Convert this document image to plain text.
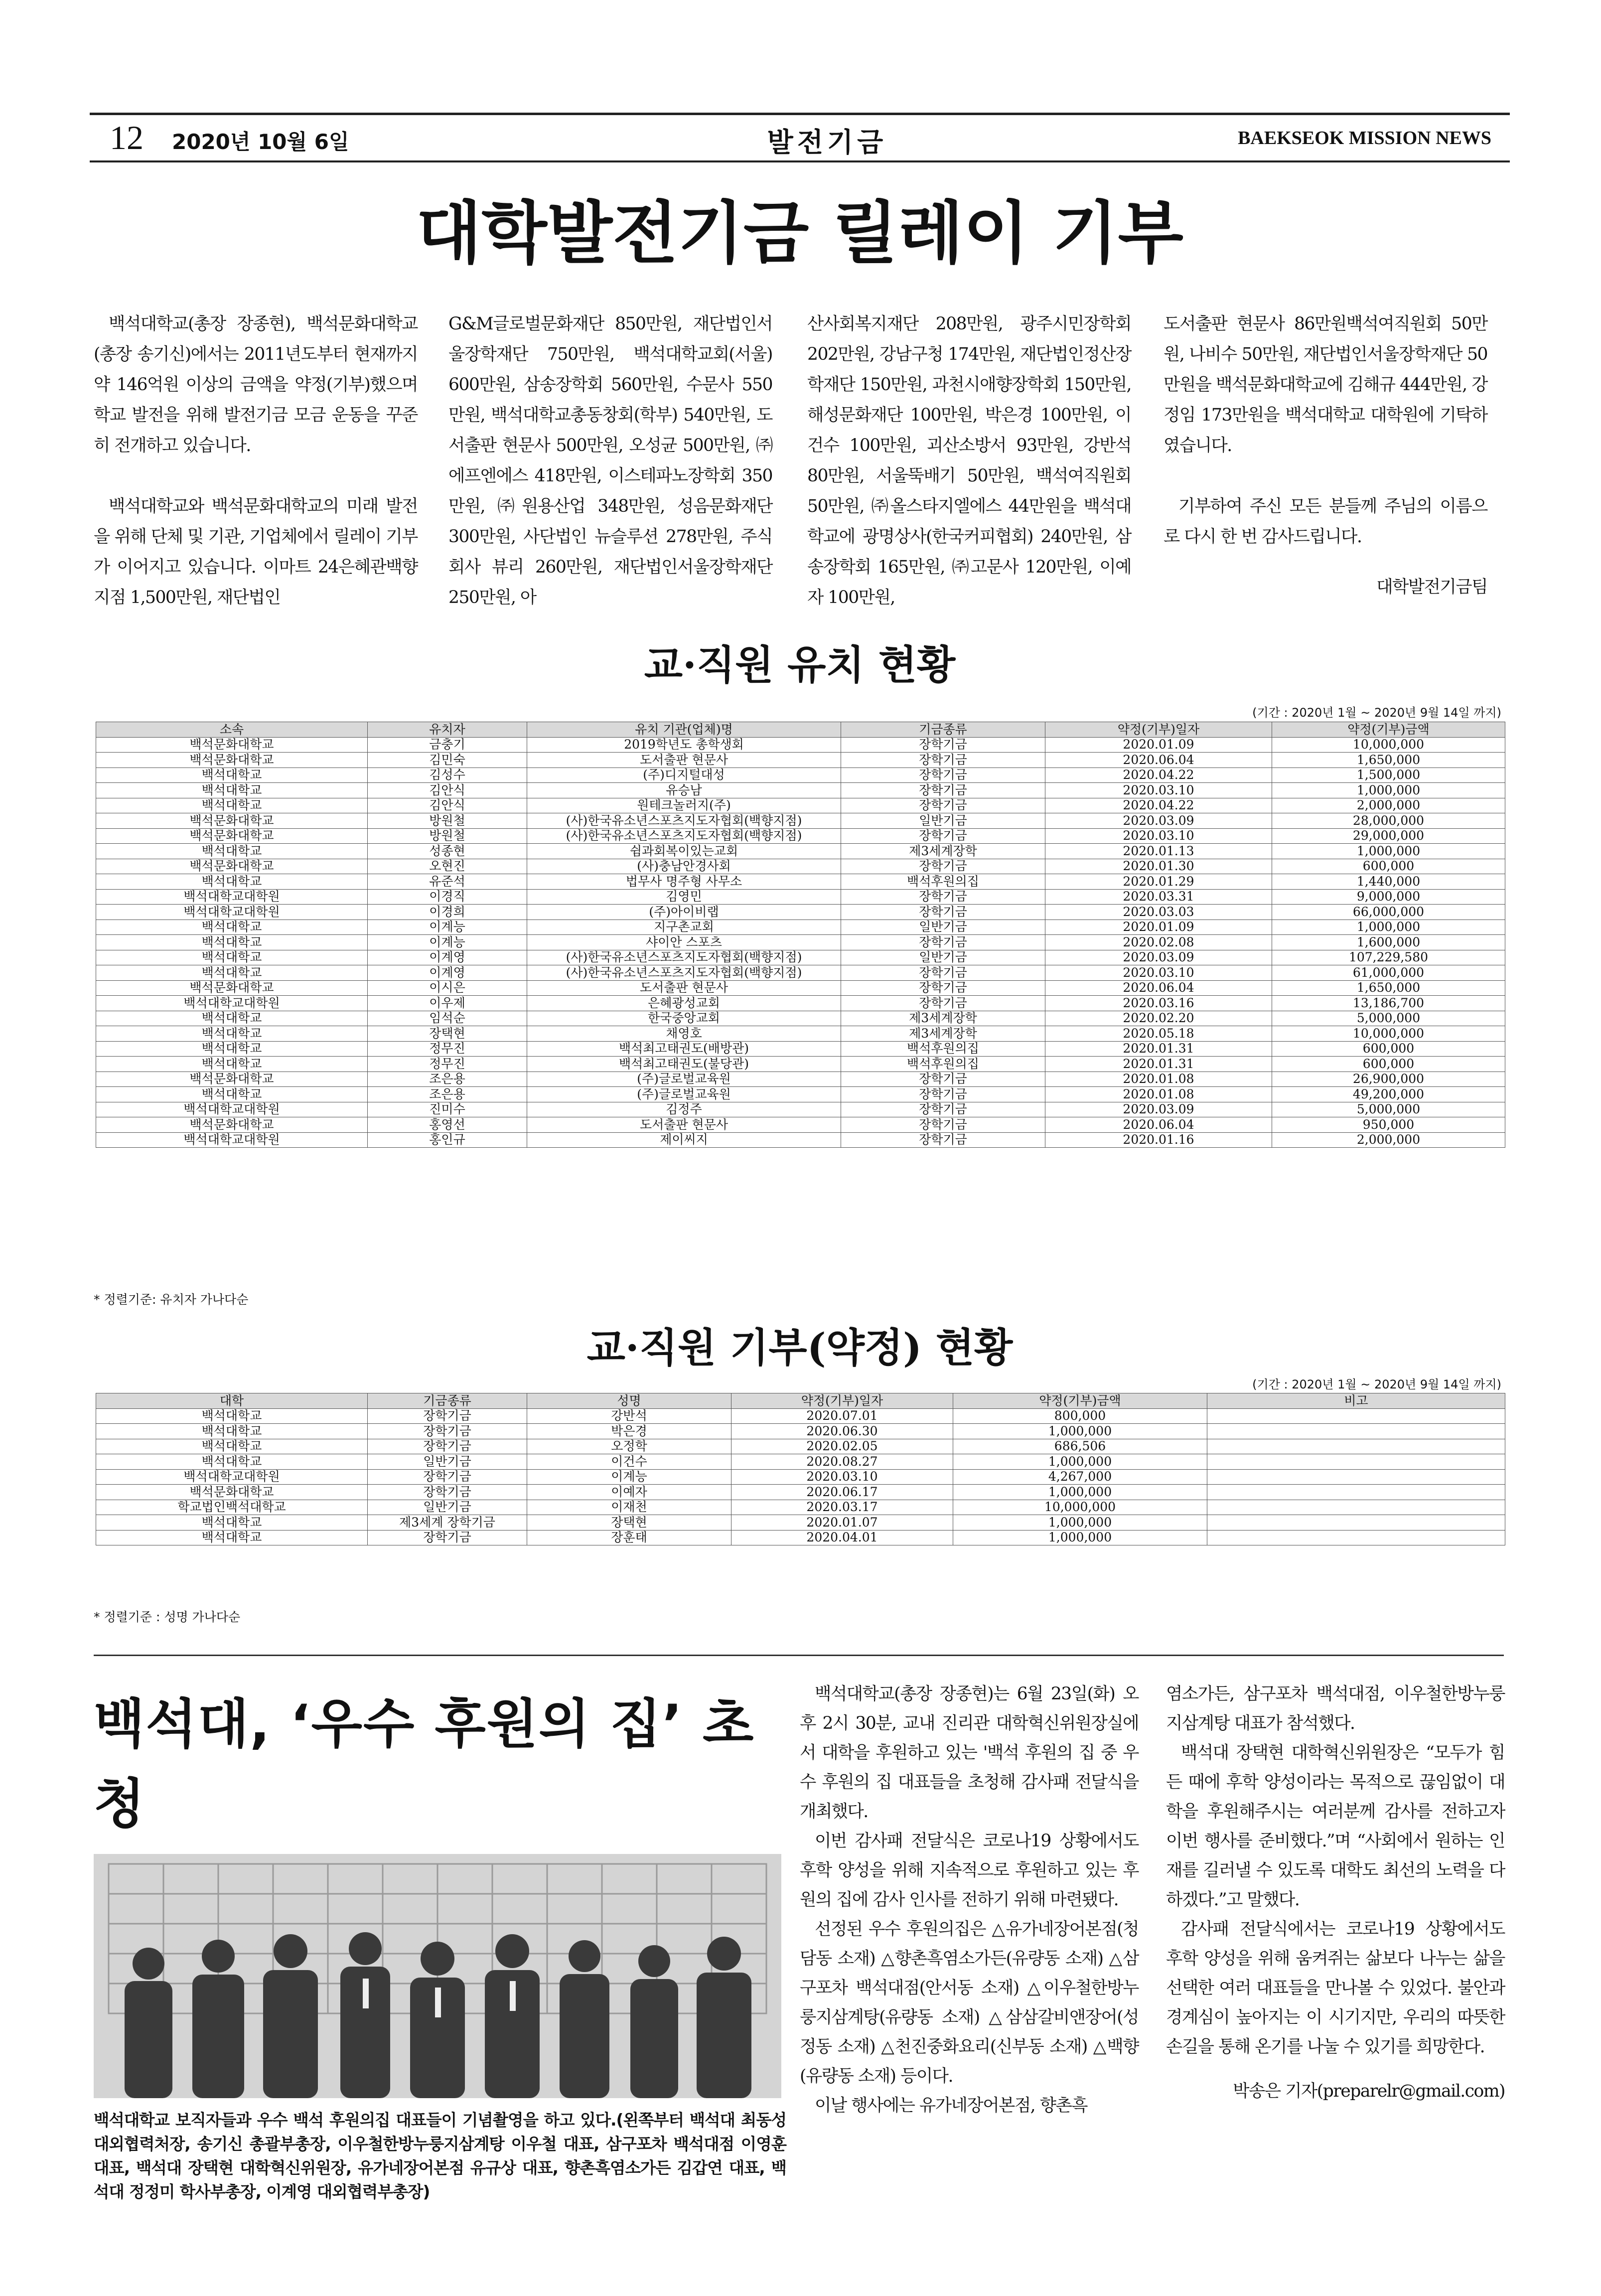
12 2020년 10월 6일	발전기금	BAEKSEOK MISSION NEWS
대학발전기금 릴레이 기부

백석대학교(총장 장종현), 백석문화대학교(총장 송기신)에서는 2011년도부터 현재까지 약 146억원 이상의 금액을 약정(기부)했으며 학교 발전을 위해 발전기금 모금 운동을 꾸준히 전개하고 있습니다.

백석대학교와 백석문화대학교의 미래 발전을 위해 단체 및 기관, 기업체에서 릴레이 기부가 이어지고 있습니다. 이마트 24은혜관백향지점 1,500만원, 재단법인

G&M글로벌문화재단 850만원, 재단법인서울장학재단 750만원, 백석대학교회(서울) 600만원, 삼송장학회 560만원, 수문사 550만원, 백석대학교총동창회(학부) 540만원, 도서출판 현문사 500만원, 오성균 500만원, ㈜에프엔에스 418만원, 이스테파노장학회 350만원, ㈜원용산업 348만원, 성음문화재단 300만원, 사단법인 뉴슬루션 278만원, 주식회사 뷰리 260만원, 재단법인서울장학재단 250만원, 아

산사회복지재단 208만원, 광주시민장학회 202만원, 강남구청 174만원, 재단법인정산장학재단 150만원, 과천시애향장학회 150만원, 해성문화재단 100만원, 박은경 100만원, 이건수 100만원, 괴산소방서 93만원, 강반석 80만원, 서울뚝배기 50만원, 백석여직원회 50만원, ㈜올스타지엘에스 44만원을 백석대학교에 광명상사(한국커피협회) 240만원, 삼송장학회 165만원, ㈜고문사 120만원, 이예자 100만원,

도서출판 현문사 86만원백석여직원회 50만원, 나비수 50만원, 재단법인서울장학재단 50만원을 백석문화대학교에 김해규 444만원, 강정임 173만원을 백석대학교 대학원에 기탁하였습니다.

기부하여 주신 모든 분들께 주님의 이름으로 다시 한 번 감사드립니다.

대학발전기금팀
교·직원 유치 현황
(기간 : 2020년 1월 ~ 2020년 9월 14일 까지)
소속	유치자	유치 기관(업체)명	기금종류	약정(기부)일자	약정(기부)금액
백석문화대학교	금충기	2019학년도 총학생회	장학기금	2020.01.09	10,000,000
백석문화대학교	김민숙	도서출판 현문사	장학기금	2020.06.04	1,650,000
백석대학교	김성수	(주)디지털대성	장학기금	2020.04.22	1,500,000
백석대학교	김안식	유승남	장학기금	2020.03.10	1,000,000
백석대학교	김안식	원테크놀러지(주)	장학기금	2020.04.22	2,000,000
백석문화대학교	방원철	(사)한국유소년스포츠지도자협회(백향지점)	일반기금	2020.03.09	28,000,000
백석문화대학교	방원철	(사)한국유소년스포츠지도자협회(백향지점)	장학기금	2020.03.10	29,000,000
백석대학교	성종현	쉼과회복이있는교회	제3세계장학	2020.01.13	1,000,000
백석문화대학교	오현진	(사)충남안경사회	장학기금	2020.01.30	600,000
백석대학교	유준석	법무사 명주형 사무소	백석후원의집	2020.01.29	1,440,000
백석대학교대학원	이경직	김영민	장학기금	2020.03.31	9,000,000
백석대학교대학원	이경희	(주)아이비랩	장학기금	2020.03.03	66,000,000
백석대학교	이계능	지구촌교회	일반기금	2020.01.09	1,000,000
백석대학교	이계능	샤이안 스포츠	장학기금	2020.02.08	1,600,000
백석대학교	이계영	(사)한국유소년스포츠지도자협회(백향지점)	일반기금	2020.03.09	107,229,580
백석대학교	이계영	(사)한국유소년스포츠지도자협회(백향지점)	장학기금	2020.03.10	61,000,000
백석문화대학교	이시은	도서출판 현문사	장학기금	2020.06.04	1,650,000
백석대학교대학원	이우제	은혜광성교회	장학기금	2020.03.16	13,186,700
백석대학교	임석순	한국중앙교회	제3세계장학	2020.02.20	5,000,000
백석대학교	장택현	채영호	제3세계장학	2020.05.18	10,000,000
백석대학교	정무진	백석최고태권도(배방관)	백석후원의집	2020.01.31	600,000
백석대학교	정무진	백석최고태권도(불당관)	백석후원의집	2020.01.31	600,000
백석문화대학교	조은용	(주)글로벌교육원	장학기금	2020.01.08	26,900,000
백석대학교	조은용	(주)글로벌교육원	장학기금	2020.01.08	49,200,000
백석대학교대학원	진미수	김정주	장학기금	2020.03.09	5,000,000
백석문화대학교	홍영선	도서출판 현문사	장학기금	2020.06.04	950,000
백석대학교대학원	홍인규	제이씨지	장학기금	2020.01.16	2,000,000
* 정렬기준: 유치자 가나다순
교·직원 기부(약정) 현황
(기간 : 2020년 1월 ~ 2020년 9월 14일 까지)
대학	기금종류	성명	약정(기부)일자	약정(기부)금액	비고
백석대학교	장학기금	강반석	2020.07.01	800,000	
백석대학교	장학기금	박은경	2020.06.30	1,000,000	
백석대학교	장학기금	오정학	2020.02.05	686,506	
백석대학교	일반기금	이건수	2020.08.27	1,000,000	
백석대학교대학원	장학기금	이계능	2020.03.10	4,267,000	
백석문화대학교	장학기금	이예자	2020.06.17	1,000,000	
학교법인백석대학교	일반기금	이재천	2020.03.17	10,000,000	
백석대학교	제3세계 장학기금	장택현	2020.01.07	1,000,000	
백석대학교	장학기금	장훈태	2020.04.01	1,000,000	
* 정렬기준 : 성명 가나다순
백석대, ‘우수 후원의 집’ 초청
백석대학교 보직자들과 우수 백석 후원의집 대표들이 기념촬영을 하고 있다.(왼쪽부터 백석대 최동성 대외협력처장, 송기신 총괄부총장, 이우철한방누룽지삼계탕 이우철 대표, 삼구포차 백석대점 이영훈 대표, 백석대 장택현 대학혁신위원장, 유가네장어본점 유규상 대표, 향촌흑염소가든 김갑연 대표, 백석대 정정미 학사부총장, 이계영 대외협력부총장)

백석대학교(총장 장종현)는 6월 23일(화) 오후 2시 30분, 교내 진리관 대학혁신위원장실에서 대학을 후원하고 있는 '백석 후원의 집 중 우수 후원의 집 대표들을 초청해 감사패 전달식을 개최했다.

이번 감사패 전달식은 코로나19 상황에서도 후학 양성을 위해 지속적으로 후원하고 있는 후원의 집에 감사 인사를 전하기 위해 마련됐다.

선정된 우수 후원의집은 △유가네장어본점(청담동 소재) △향촌흑염소가든(유량동 소재) △삼구포차 백석대점(안서동 소재) △이우철한방누룽지삼계탕(유량동 소재) △삼삼갈비앤장어(성정동 소재) △천진중화요리(신부동 소재) △백향(유량동 소재) 등이다.

이날 행사에는 유가네장어본점, 향촌흑

염소가든, 삼구포차 백석대점, 이우철한방누룽지삼계탕 대표가 참석했다.

백석대 장택현 대학혁신위원장은 “모두가 힘든 때에 후학 양성이라는 목적으로 끊임없이 대학을 후원해주시는 여러분께 감사를 전하고자 이번 행사를 준비했다.”며 “사회에서 원하는 인재를 길러낼 수 있도록 대학도 최선의 노력을 다하겠다.”고 말했다.

감사패 전달식에서는 코로나19 상황에서도 후학 양성을 위해 움켜쥐는 삶보다 나누는 삶을 선택한 여러 대표들을 만나볼 수 있었다. 불안과 경계심이 높아지는 이 시기지만, 우리의 따뜻한 손길을 통해 온기를 나눌 수 있기를 희망한다.

박송은 기자(preparelr@gmail.com)
